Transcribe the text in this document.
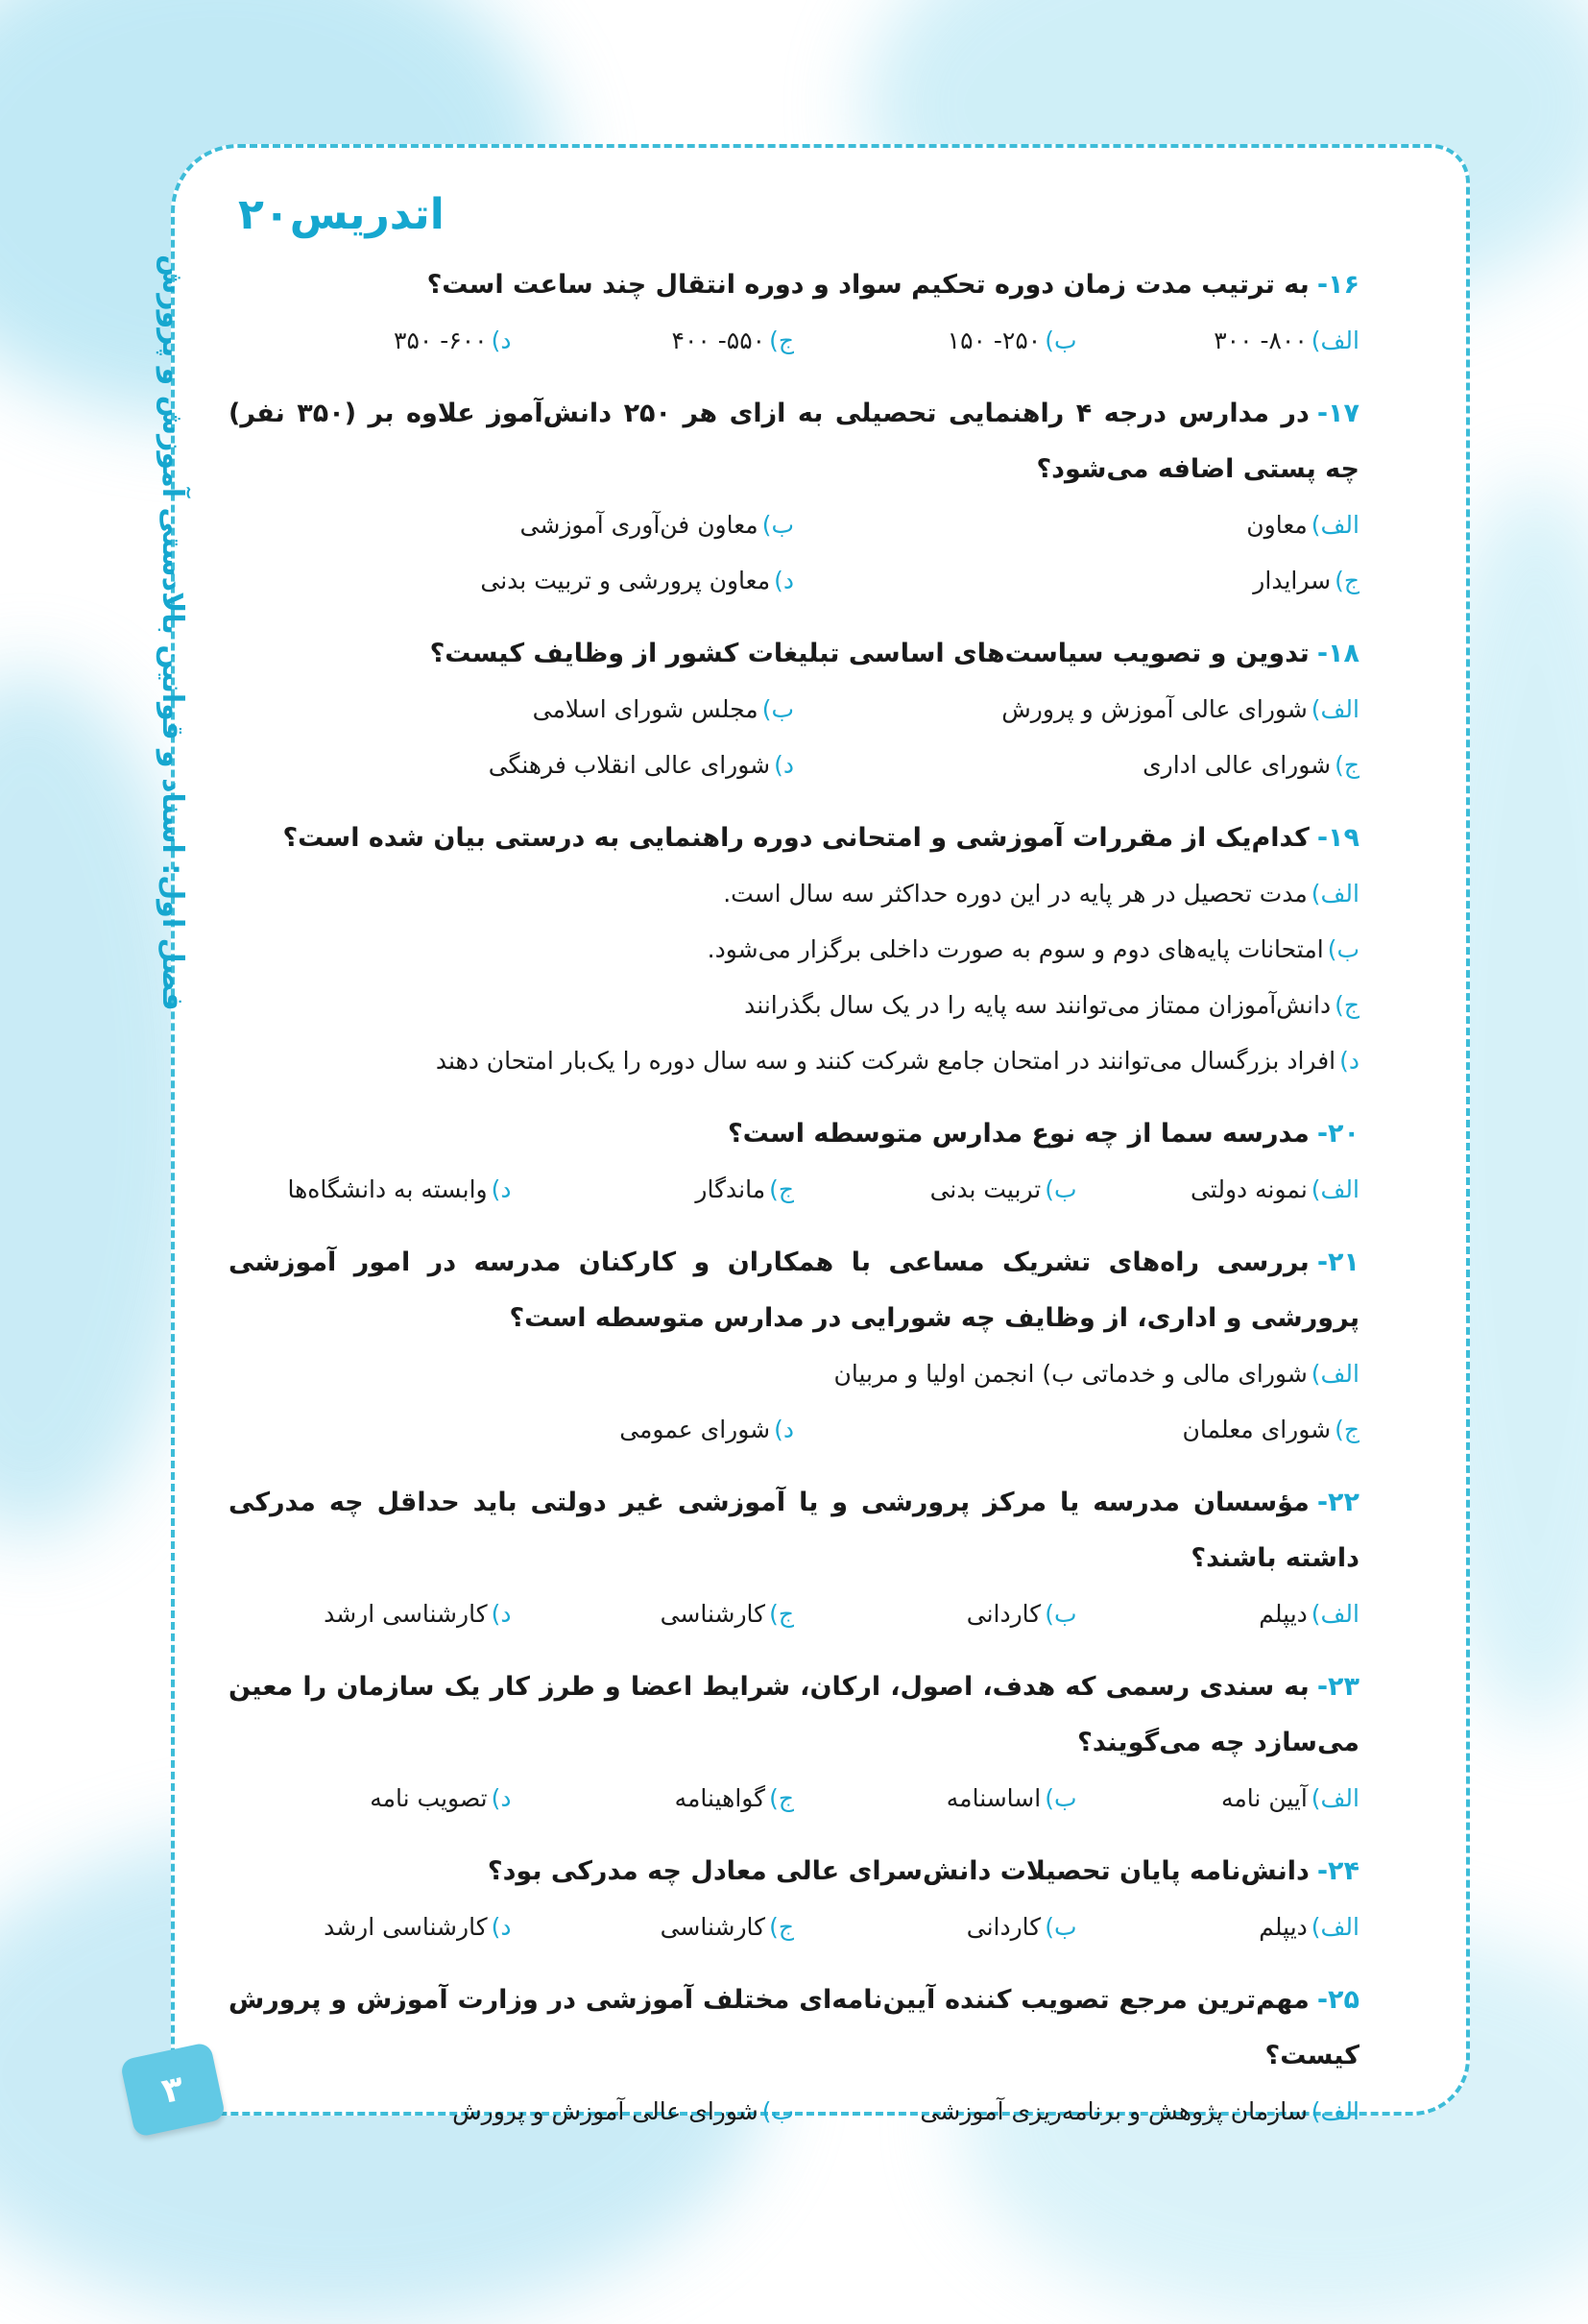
۲۰اتدریس
فصل اول: اسناد و قوانین بالادستی آموزش و پرورش	۱۶-به ترتیب مدت زمان دوره تحکیم سواد و دوره انتقال چند ساعت است؟
الف)۸۰۰- ۳۰۰
ب)۲۵۰- ۱۵۰
ج)۵۵۰- ۴۰۰
د)۶۰۰- ۳۵۰
۱۷-در مدارس درجه ۴ راهنمایی تحصیلی به ازای هر ۲۵۰ دانش‌آموز علاوه بر (۳۵۰ نفر) چه پستی اضافه می‌شود؟
الف)معاون
ب)معاون فن‌آوری آموزشی
ج)سرایدار
د)معاون پرورشی و تربیت بدنی
۱۸-تدوین و تصویب سیاست‌های اساسی تبلیغات کشور از وظایف کیست؟
الف)شورای عالی آموزش و پرورش
ب)مجلس شورای اسلامی
ج)شورای عالی اداری
د)شورای عالی انقلاب فرهنگی
۱۹-کدام‌یک از مقررات آموزشی و امتحانی دوره راهنمایی به درستی بیان شده است؟
الف)مدت تحصیل در هر پایه در این دوره حداکثر سه سال است.
ب)امتحانات پایه‌های دوم و سوم به صورت داخلی برگزار می‌شود.
ج)دانش‌آموزان ممتاز می‌توانند سه پایه را در یک سال بگذرانند
د)افراد بزرگسال می‌توانند در امتحان جامع شرکت کنند و سه سال دوره را یک‌بار امتحان دهند
۲۰-مدرسه سما از چه نوع مدارس متوسطه است؟
الف)نمونه دولتی
ب)تربیت بدنی
ج)ماندگار
د)وابسته به دانشگاه‌ها
۲۱-بررسی راه‌های تشریک مساعی با همکاران و کارکنان مدرسه در امور آموزشی پرورشی و اداری، از وظایف چه شورایی در مدارس متوسطه است؟
الف)شورای مالی و خدماتی ب) انجمن اولیا و مربیان
ج)شورای معلمان
د)شورای عمومی
۲۲-مؤسسان مدرسه یا مرکز پرورشی و یا آموزشی غیر دولتی باید حداقل چه مدرکی داشته باشند؟
الف)دیپلم
ب)کاردانی
ج)کارشناسی
د)کارشناسی ارشد
۲۳-به سندی رسمی که هدف، اصول، ارکان، شرایط اعضا و طرز کار یک سازمان را معین می‌سازد چه می‌گویند؟
الف)آیین نامه
ب)اساسنامه
ج)گواهینامه
د)تصویب نامه
۲۴-دانش‌نامه پایان تحصیلات دانش‌سرای عالی معادل چه مدرکی بود؟
الف)دیپلم
ب)کاردانی
ج)کارشناسی
د)کارشناسی ارشد
۲۵-مهم‌ترین مرجع تصویب کننده آیین‌نامه‌ای مختلف آموزشی در وزارت آموزش و پرورش کیست؟
الف)سازمان پژوهش و برنامه‌ریزی آموزشی
ب)شورای عالی آموزش و پرورش
۳
